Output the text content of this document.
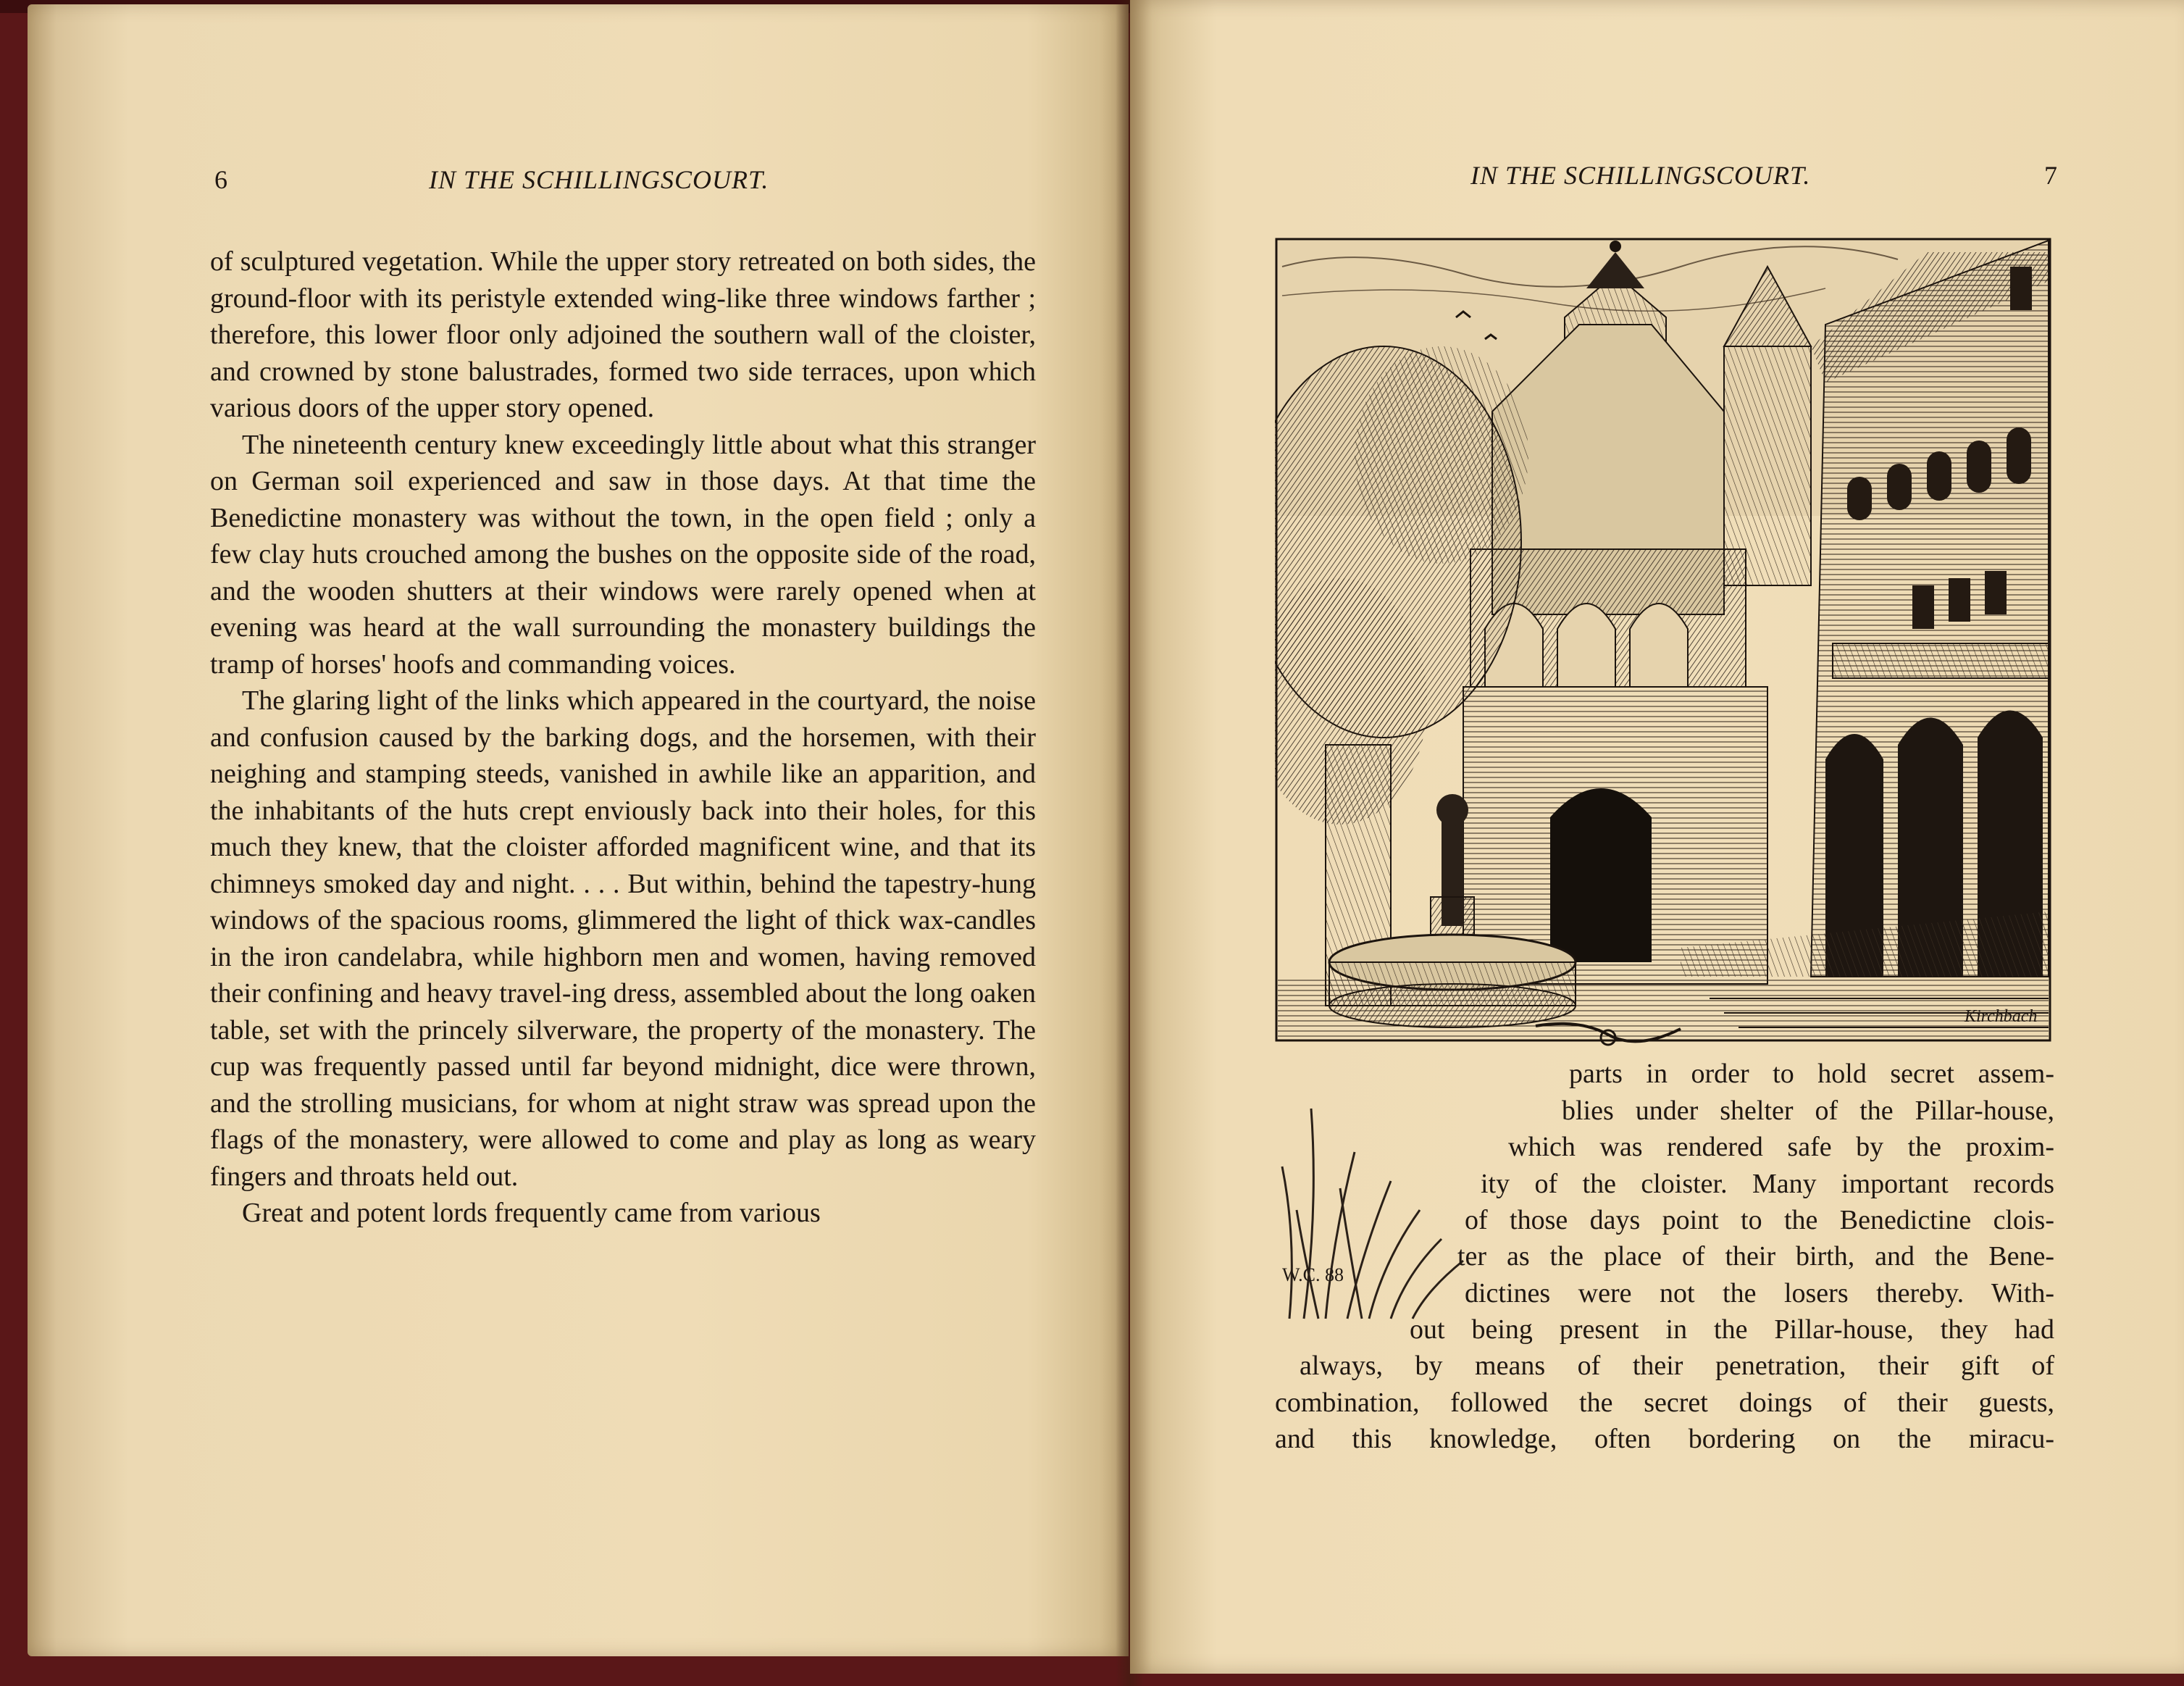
6	IN THE SCHILLINGSCOURT.

of sculptured vegetation. While the upper story retreated on both sides, the ground-floor with its peristyle extended wing-like three windows farther ; therefore, this lower floor only adjoined the southern wall of the cloister, and crowned by stone balustrades, formed two side terraces, upon which various doors of the upper story opened.

The nineteenth century knew exceedingly little about what this stranger on German soil experienced and saw in those days. At that time the Benedictine monastery was without the town, in the open field ; only a few clay huts crouched among the bushes on the opposite side of the road, and the wooden shutters at their windows were rarely opened when at evening was heard at the wall surrounding the monastery buildings the tramp of horses' hoofs and commanding voices.

The glaring light of the links which appeared in the courtyard, the noise and confusion caused by the barking dogs, and the horsemen, with their neighing and stamping steeds, vanished in awhile like an apparition, and the inhabitants of the huts crept enviously back into their holes, for this much they knew, that the cloister afforded magnificent wine, and that its chimneys smoked day and night. . . . But within, behind the tapestry-hung windows of the spacious rooms, glimmered the light of thick wax-candles in the iron candelabra, while highborn men and women, having removed their confining and heavy travel-ing dress, assembled about the long oaken table, set with the princely silverware, the property of the monastery. The cup was frequently passed until far beyond midnight, dice were thrown, and the strolling musicians, for whom at night straw was spread upon the flags of the monastery, were allowed to come and play as long as weary fingers and throats held out.

Great and potent lords frequently came from various

IN THE SCHILLINGSCOURT.	7
W.C. 88
Kirchbach
parts in order to hold secret assem-
blies under shelter of the Pillar-house,
which was rendered safe by the proxim-
ity of the cloister. Many important records
of those days point to the Benedictine clois-
ter as the place of their birth, and the Bene-
dictines were not the losers thereby. With-
out being present in the Pillar-house, they had
always, by means of their penetration, their gift of
combination, followed the secret doings of their guests,
and this knowledge, often bordering on the miracu-
